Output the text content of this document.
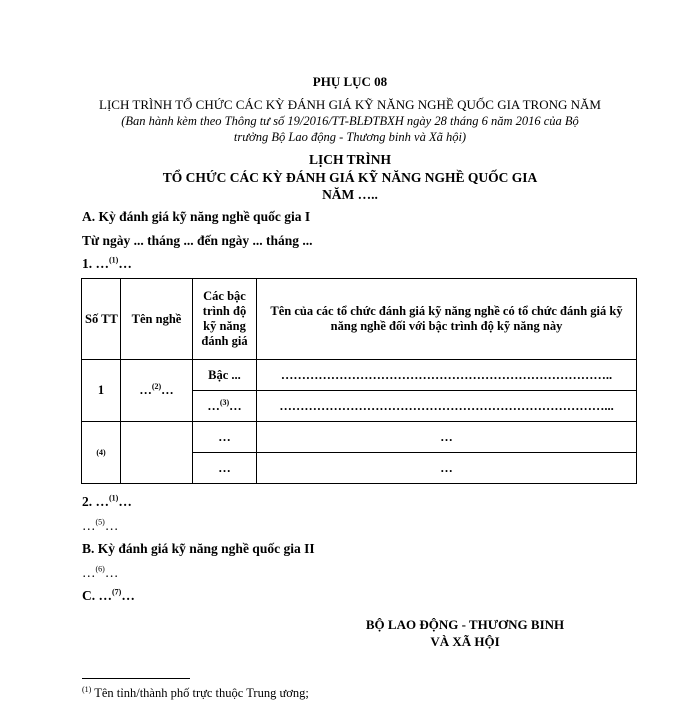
PHỤ LỤC 08
LỊCH TRÌNH TỔ CHỨC CÁC KỲ ĐÁNH GIÁ KỸ NĂNG NGHỀ QUỐC GIA TRONG NĂM
(Ban hành kèm theo Thông tư số 19/2016/TT-BLĐTBXH ngày 28 tháng 6 năm 2016 của Bộ
trưởng Bộ Lao động - Thương binh và Xã hội)
LỊCH TRÌNH
TỔ CHỨC CÁC KỲ ĐÁNH GIÁ KỸ NĂNG NGHỀ QUỐC GIA
NĂM …..
A. Kỳ đánh giá kỹ năng nghề quốc gia I
Từ ngày ... tháng ... đến ngày ... tháng ...
1. …$^{(1)}$…
Số TT	Tên nghề	Các bậc trình độ kỹ năng đánh giá	Tên của các tổ chức đánh giá kỹ năng nghề có tổ chức đánh giá kỹ năng nghề đối với bậc trình độ kỹ năng này
1	…$^{(2)}$…	Bậc ...	……………………………………………………………………..
		…$^{(3)}$…	……………………………………………………………………...
(4)		…	…
		…	…
2. …$^{(1)}$…
…$^{(5)}$…
B. Kỳ đánh giá kỹ năng nghề quốc gia II
…$^{(6)}$…
C. …$^{(7)}$…
BỘ LAO ĐỘNG - THƯƠNG BINH
VÀ XÃ HỘI
$^{(1)}$ Tên tỉnh/thành phố trực thuộc Trung ương;
